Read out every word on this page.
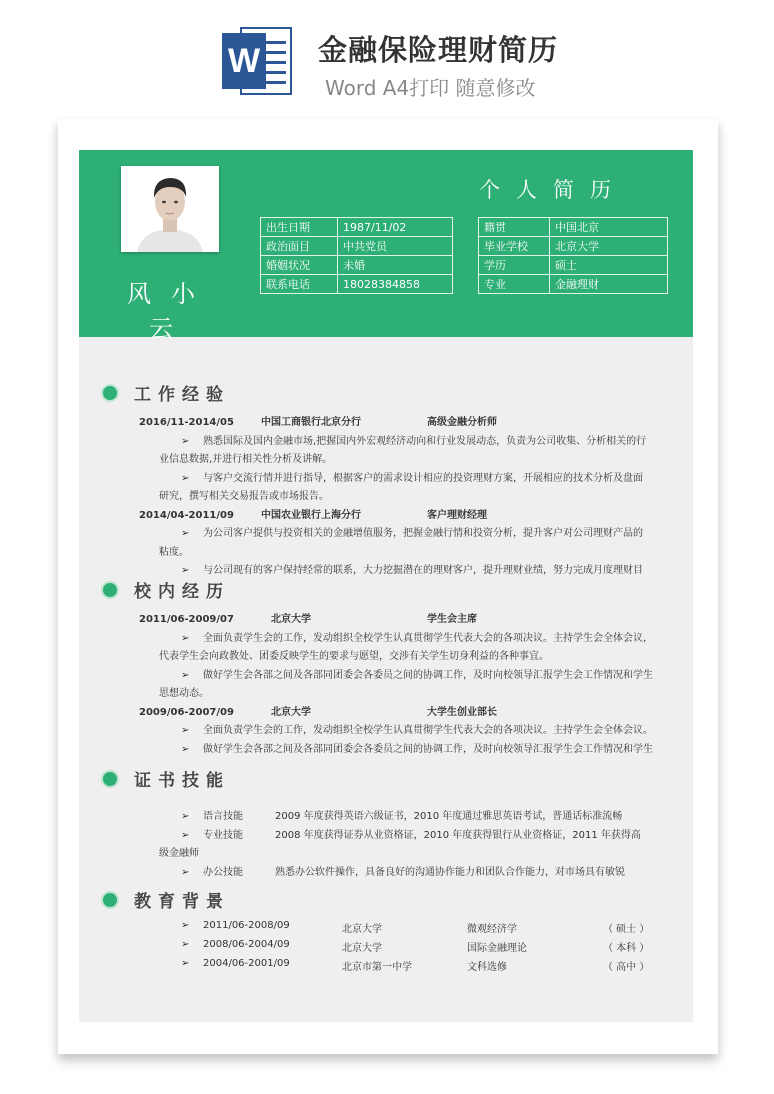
W 金融保险理财简历
Word A4打印 随意修改
风小云
个人简历
出生日期	1987/11/02
政治面目	中共党员
婚姻状况	未婚
联系电话	18028384858
籍贯	中国北京
毕业学校	北京大学
学历	硕士
专业	金融理财
工作经验
2016/11-2014/05	中国工商银行北京分行	高级金融分析师
➢ 熟悉国际及国内金融市场,把握国内外宏观经济动向和行业发展动态，负责为公司收集、分析相关的行
业信息数据,并进行相关性分析及讲解。
➢ 与客户交流行情并进行指导，根据客户的需求设计相应的投资理财方案，开展相应的技术分析及盘面
研究，撰写相关交易报告或市场报告。
2014/04-2011/09	中国农业银行上海分行	客户理财经理
➢ 为公司客户提供与投资相关的金融增值服务，把握金融行情和投资分析，提升客户对公司理财产品的
粘度。
➢ 与公司现有的客户保持经常的联系，大力挖掘潜在的理财客户，提升理财业绩，努力完成月度理财目
校内经历
2011/06-2009/07	北京大学	学生会主席
➢ 全面负责学生会的工作，发动组织全校学生认真贯彻学生代表大会的各项决议。主持学生会全体会议，
代表学生会向政教处、团委反映学生的要求与愿望，交涉有关学生切身利益的各种事宜。
➢ 做好学生会各部之间及各部同团委会各委员之间的协调工作，及时向校领导汇报学生会工作情况和学生
思想动态。
2009/06-2007/09	北京大学	大学生创业部长
➢ 全面负责学生会的工作，发动组织全校学生认真贯彻学生代表大会的各项决议。主持学生会全体会议。
➢ 做好学生会各部之间及各部同团委会各委员之间的协调工作，及时向校领导汇报学生会工作情况和学生
证书技能
➢ 语言技能	2009 年度获得英语六级证书，2010 年度通过雅思英语考试，普通话标准流畅
➢ 专业技能	2008 年度获得证券从业资格证，2010 年度获得银行从业资格证，2011 年获得高
级金融师
➢ 办公技能	熟悉办公软件操作，具备良好的沟通协作能力和团队合作能力，对市场具有敏锐
教育背景
➢ 2011/06-2008/09	北京大学	微观经济学	（ 硕士 ）
➢ 2008/06-2004/09	北京大学	国际金融理论	（ 本科 ）
➢ 2004/06-2001/09	北京市第一中学	文科选修	（ 高中 ）
